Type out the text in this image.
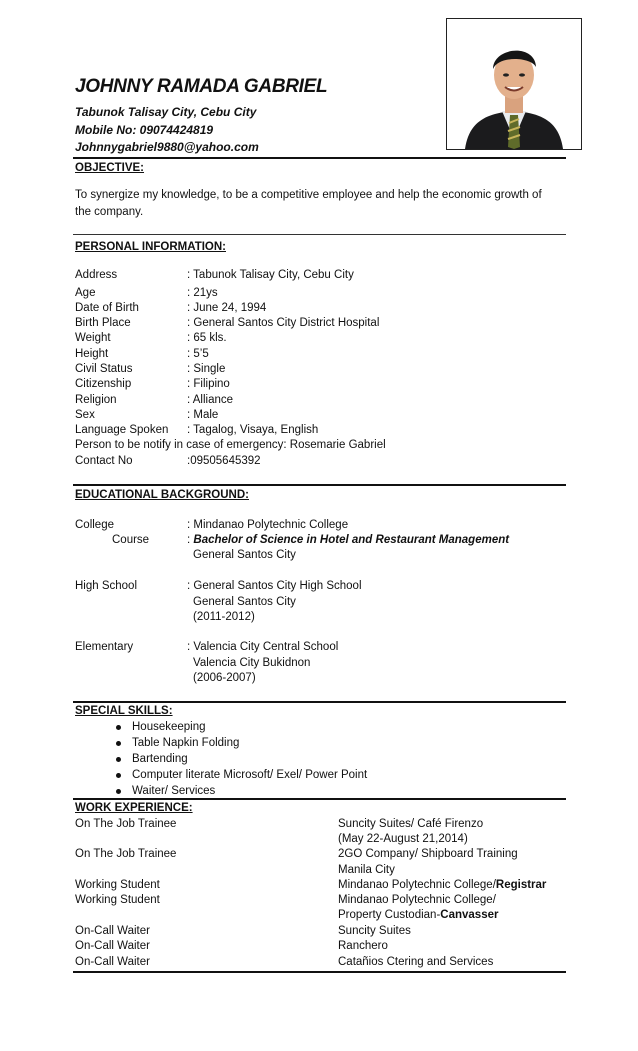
JOHNNY RAMADA GABRIEL
Tabunok Talisay City, Cebu City
Mobile No: 09074424819
Johnnygabriel9880@yahoo.com
OBJECTIVE:
To synergize my knowledge, to be a competitive employee and help the economic growth of
the company.
PERSONAL INFORMATION:
Address	: Tabunok Talisay City, Cebu City
Age	: 21ys
Date of Birth	: June 24, 1994
Birth Place	: General Santos City District Hospital
Weight	: 65 kls.
Height	: 5’5
Civil Status	: Single
Citizenship	: Filipino
Religion	: Alliance
Sex	: Male
Language Spoken : Tagalog, Visaya, English
Person to be notify in case of emergency: Rosemarie Gabriel
Contact No	:09505645392
EDUCATIONAL BACKGROUND:
College	: Mindanao Polytechnic College
Course	: Bachelor of Science in Hotel and Restaurant Management
General Santos City
High School	: General Santos City High School
General Santos City
(2011-2012)
Elementary	: Valencia City Central School
Valencia City Bukidnon
(2006-2007)
SPECIAL SKILLS:
Housekeeping
Table Napkin Folding
Bartending
Computer literate Microsoft/ Exel/ Power Point
Waiter/ Services
WORK EXPERIENCE:
On The Job Trainee	Suncity Suites/ Café Firenzo
(May 22-August 21,2014)
On The Job Trainee	2GO Company/ Shipboard Training
Manila City
Working Student	Mindanao Polytechnic College/Registrar
Working Student	Mindanao Polytechnic College/
Property Custodian-Canvasser
On-Call Waiter	Suncity Suites
On-Call Waiter	Ranchero
On-Call Waiter	Catañios Ctering and Services
